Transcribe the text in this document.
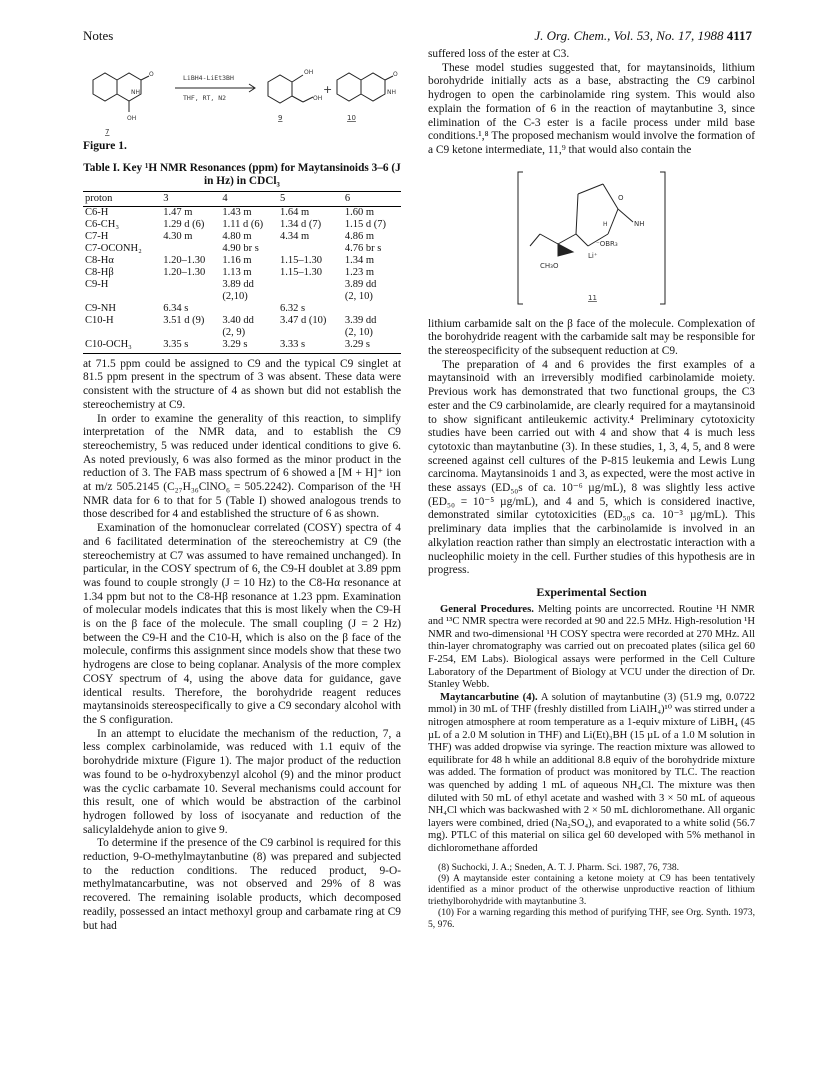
Notes	J. Org. Chem., Vol. 53, No. 17, 1988 4117
NH
O
OH
LiBH4-LiEt3BH
THF, RT, N2
OH
OH
+	NH
O
7
9	10
Figure 1.
Table I. Key ¹H NMR Resonances (ppm) for Maytansinoids 3–6 (J in Hz) in CDCl₃
proton	3	4	5	6
C6-H	1.47 m	1.43 m	1.64 m	1.60 m
C6-CH₃	1.29 d (6)	1.11 d (6)	1.34 d (7)	1.15 d (7)
C7-H	4.30 m	4.80 m	4.34 m	4.86 m
C7-OCONH₂		4.90 br s		4.76 br s
C8-Hα	1.20–1.30	1.16 m	1.15–1.30	1.34 m
C8-Hβ	1.20–1.30	1.13 m	1.15–1.30	1.23 m
C9-H		3.89 dd		3.89 dd
		(2,10)		(2, 10)
C9-NH	6.34 s		6.32 s	
C10-H	3.51 d (9)	3.40 dd	3.47 d (10)	3.39 dd
		(2, 9)		(2, 10)
C10-OCH₃	3.35 s	3.29 s	3.33 s	3.29 s

at 71.5 ppm could be assigned to C9 and the typical C9 singlet at 81.5 ppm present in the spectrum of 3 was absent. These data were consistent with the structure of 4 as shown but did not establish the stereochemistry at C9.

In order to examine the generality of this reaction, to simplify interpretation of the NMR data, and to establish the C9 stereochemistry, 5 was reduced under identical conditions to give 6. As noted previously, 6 was also formed as the minor product in the reduction of 3. The FAB mass spectrum of 6 showed a [M + H]⁺ ion at m/z 505.2145 (C₂₇H₃₆ClNO₆ = 505.2242). Comparison of the ¹H NMR data for 6 to that for 5 (Table I) showed analogous trends to those described for 4 and established the structure of 6 as shown.

Examination of the homonuclear correlated (COSY) spectra of 4 and 6 facilitated determination of the stereochemistry at C9 (the stereochemistry at C7 was assumed to have remained unchanged). In particular, in the COSY spectrum of 6, the C9-H doublet at 3.89 ppm was found to couple strongly (J = 10 Hz) to the C8-Hα resonance at 1.34 ppm but not to the C8-Hβ resonance at 1.23 ppm. Examination of molecular models indicates that this is most likely when the C9-H is on the β face of the molecule. The small coupling (J = 2 Hz) between the C9-H and the C10-H, which is also on the β face of the molecule, confirms this assignment since models show that these two hydrogens are close to being coplanar. Analysis of the more complex COSY spectrum of 4, using the above data for guidance, gave identical results. Therefore, the borohydride reagent reduces maytansinoids stereospecifically to give a C9 secondary alcohol with the S configuration.

In an attempt to elucidate the mechanism of the reduction, 7, a less complex carbinolamide, was reduced with 1.1 equiv of the borohydride mixture (Figure 1). The major product of the reduction was found to be o-hydroxybenzyl alcohol (9) and the minor product was the cyclic carbamate 10. Several mechanisms could account for this result, one of which would be abstraction of the carbinol hydrogen followed by loss of isocyanate and reduction of the salicylaldehyde anion to give 9.

To determine if the presence of the C9 carbinol is required for this reduction, 9-O-methylmaytanbutine (8) was prepared and subjected to the reduction conditions. The reduced product, 9-O-methylmatancarbutine, was not observed and 29% of 8 was recovered. The remaining isolable products, which decomposed readily, possessed an intact methoxyl group and carbamate ring at C9 but had

suffered loss of the ester at C3.

These model studies suggested that, for maytansinoids, lithium borohydride initially acts as a base, abstracting the C9 carbinol hydrogen to open the carbinolamide ring system. This would also explain the formation of 6 in the reaction of maytanbutine 3, since elimination of the C-3 ester is a facile process under mild base conditions.¹,⁸ The proposed mechanism would involve the formation of a C9 ketone intermediate, 11,⁹ that would also contain the

O
NH
H
⁻OBR₃
Li⁺
CH₃O
11

lithium carbamide salt on the β face of the molecule. Complexation of the borohydride reagent with the carbamide salt may be responsible for the stereospecificity of the subsequent reduction at C9.

The preparation of 4 and 6 provides the first examples of a maytansinoid with an irreversibly modified carbinolamide moiety. Previous work has demonstrated that two functional groups, the C3 ester and the C9 carbinolamide, are clearly required for a maytansinoid to show significant antileukemic activity.⁴ Preliminary cytotoxicity studies have been carried out with 4 and show that 4 is much less cytotoxic than maytanbutine (3). In these studies, 1, 3, 4, 5, and 8 were screened against cell cultures of the P-815 leukemia and Lewis Lung carcinoma. Maytansinoids 1 and 3, as expected, were the most active in these assays (ED₅₀s of ca. 10⁻⁶ µg/mL), 8 was slightly less active (ED₅₀ = 10⁻⁵ µg/mL), and 4 and 5, which is considered inactive, demonstrated similar cytotoxicities (ED₅₀s ca. 10⁻³ µg/mL). This preliminary data implies that the carbinolamide is involved in an alkylation reaction rather than simply an electrostatic interaction with a nucleophilic moiety in the cell. Further studies of this hypothesis are in progress.

Experimental Section

General Procedures. Melting points are uncorrected. Routine ¹H NMR and ¹³C NMR spectra were recorded at 90 and 22.5 MHz. High-resolution ¹H NMR and two-dimensional ¹H COSY spectra were recorded at 270 MHz. All thin-layer chromatography was carried out on precoated plates (silica gel 60 F-254, EM Labs). Biological assays were performed in the Cell Culture Laboratory of the Department of Biology at VCU under the direction of Dr. Stanley Webb.

Maytancarbutine (4). A solution of maytanbutine (3) (51.9 mg, 0.0722 mmol) in 30 mL of THF (freshly distilled from LiAlH₄)¹⁰ was stirred under a nitrogen atmosphere at room temperature as a 1-equiv mixture of LiBH₄ (45 µL of a 2.0 M solution in THF) and Li(Et)₃BH (15 µL of a 1.0 M solution in THF) was added dropwise via syringe. The reaction mixture was allowed to equilibrate for 48 h while an additional 8.8 equiv of the borohydride mixture was added. The formation of product was monitored by TLC. The reaction was quenched by adding 1 mL of aqueous NH₄Cl. The mixture was then diluted with 50 mL of ethyl acetate and washed with 3 × 50 mL of aqueous NH₄Cl which was backwashed with 2 × 50 mL dichloromethane. All organic layers were combined, dried (Na₂SO₄), and evaporated to a white solid (56.7 mg). PTLC of this material on silica gel 60 developed with 5% methanol in dichloromethane afforded

(8) Suchocki, J. A.; Sneden, A. T. J. Pharm. Sci. 1987, 76, 738.

(9) A maytanside ester containing a ketone moiety at C9 has been tentatively identified as a minor product of the otherwise unproductive reaction of lithium triethylborohydride with maytanbutine 3.

(10) For a warning regarding this method of purifying THF, see Org. Synth. 1973, 5, 976.
